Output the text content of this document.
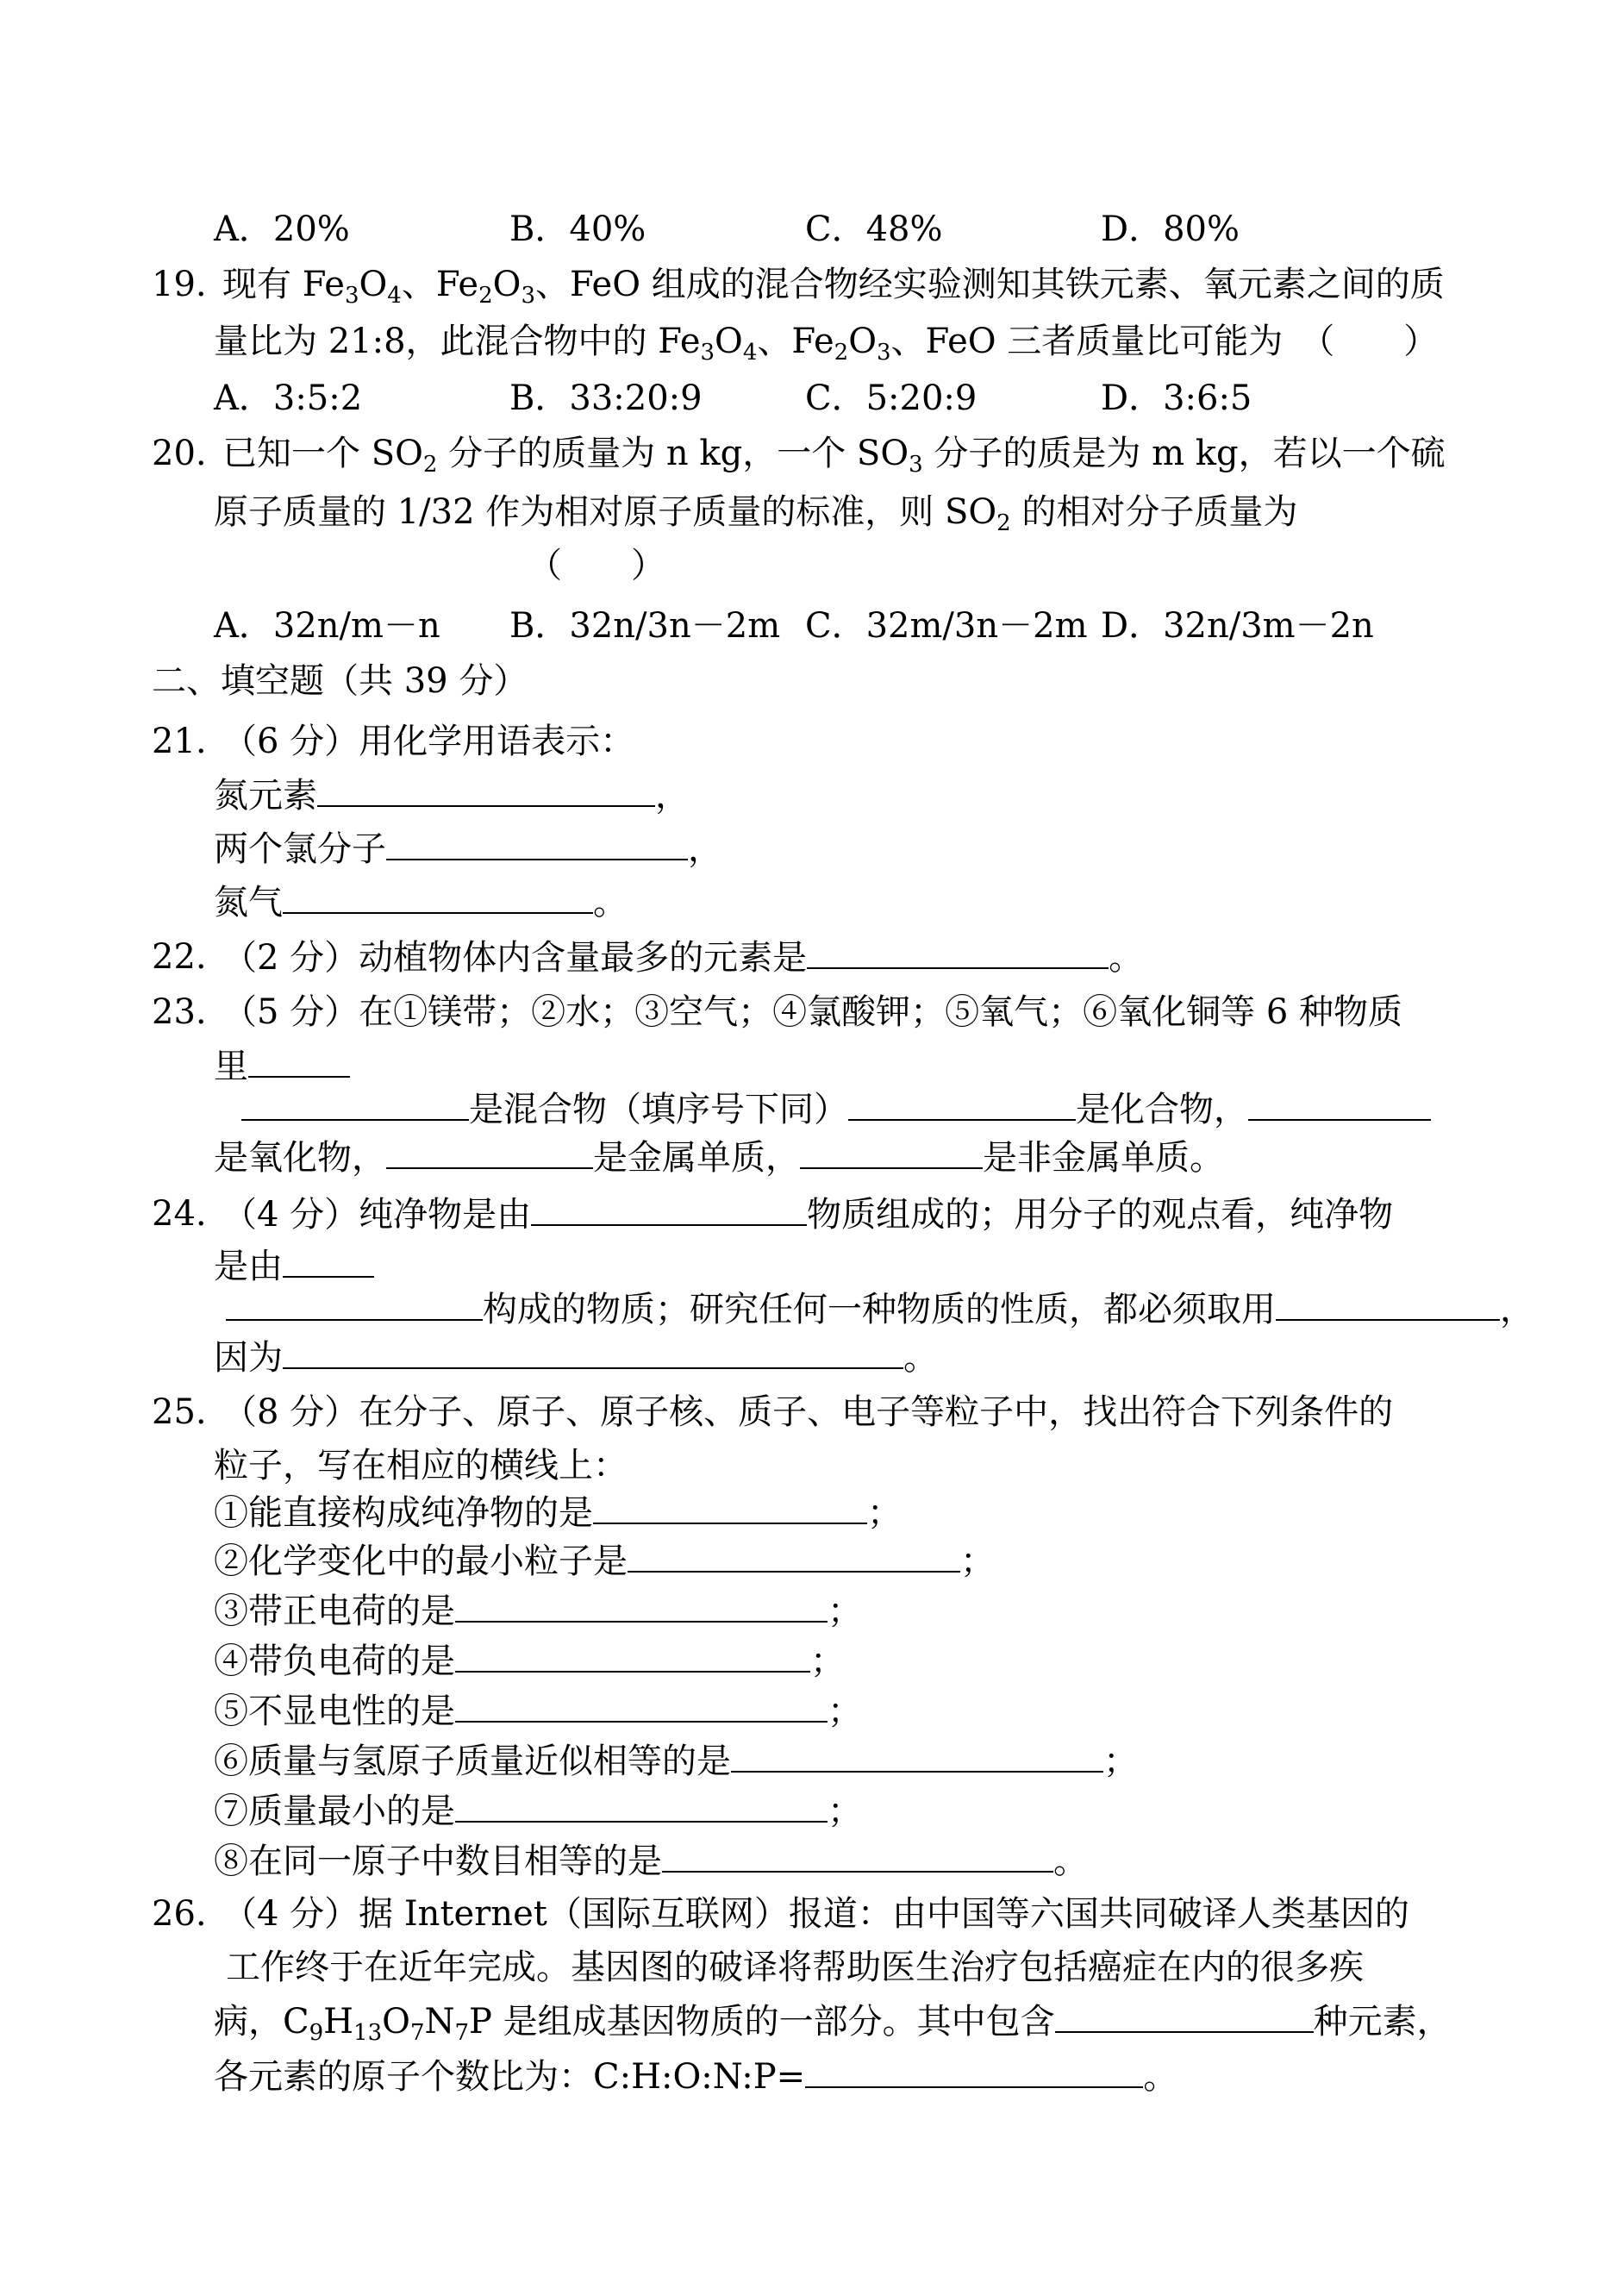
A．20%	B．40%	C．48%	D．80%
19. 现有 $Fe_3O_4$、$Fe_2O_3$、FeO 组成的混合物经实验测知其铁元素、氧元素之间的质
量比为 21:8，此混合物中的 $Fe_3O_4$、$Fe_2O_3$、FeO 三者质量比可能为　（　　）
A．3:5:2	B．33:20:9	C．5:20:9	D．3:6:5
20. 已知一个 $SO_2$ 分子的质量为 n kg，一个 $SO_3$ 分子的质是为 m kg，若以一个硫
原子质量的 1/32 作为相对原子质量的标准，则 $SO_2$ 的相对分子质量为
（　　）
A．32n/m－n B．32n/3n－2m C．32m/3n－2m D．32n/3m－2n
二、填空题（共 39 分）
21. （6 分）用化学用语表示：
氮元素	，
两个氯分子	，
氮气	。
22. （2 分）动植物体内含量最多的元素是	。
23. （5 分）在①镁带；②水；③空气；④氯酸钾；⑤氧气；⑥氧化铜等 6 种物质
里
是混合物（填序号下同）	是化合物，
是氧化物，	是金属单质，	是非金属单质。
24. （4 分）纯净物是由	物质组成的；用分子的观点看，纯净物
是由
构成的物质；研究任何一种物质的性质，都必须取用	，
因为	。
25. （8 分）在分子、原子、原子核、质子、电子等粒子中，找出符合下列条件的
粒子，写在相应的横线上：
①能直接构成纯净物的是	；
②化学变化中的最小粒子是	；
③带正电荷的是	；
④带负电荷的是	；
⑤不显电性的是	；
⑥质量与氢原子质量近似相等的是	；
⑦质量最小的是	；
⑧在同一原子中数目相等的是	。
26. （4 分）据 Internet（国际互联网）报道：由中国等六国共同破译人类基因的
工作终于在近年完成。基因图的破译将帮助医生治疗包括癌症在内的很多疾
病，$C_9H_{13}O_7N_7P$ 是组成基因物质的一部分。其中包含	种元素，
各元素的原子个数比为：C:H:O:N:P=	。
